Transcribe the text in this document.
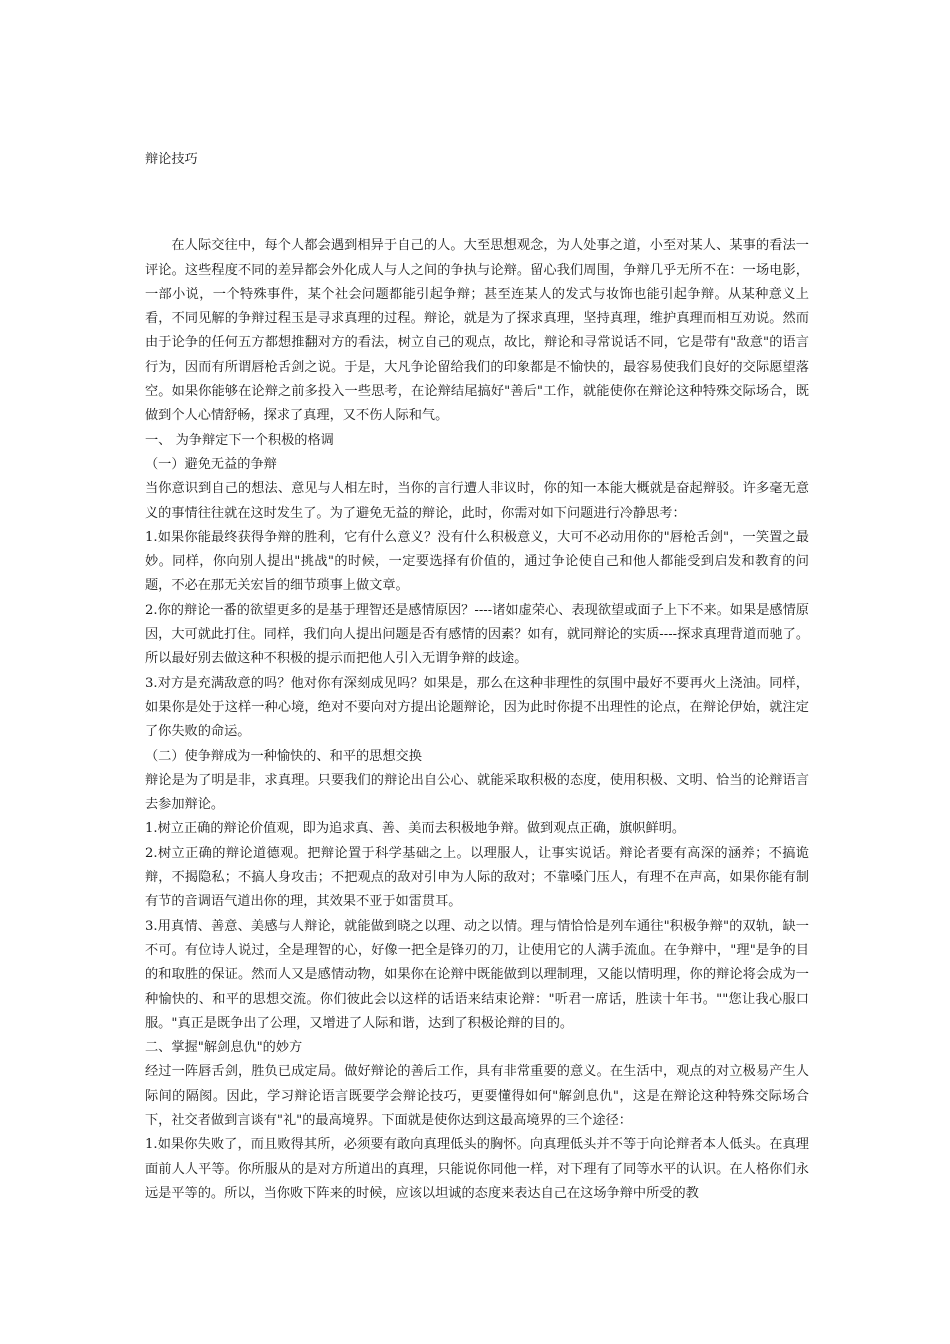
辩论技巧

在人际交往中，每个人都会遇到相异于自己的人。大至思想观念，为人处事之道，小至对某人、某事的看法一评论。这些程度不同的差异都会外化成人与人之间的争执与论辩。留心我们周围，争辩几乎无所不在：一场电影，一部小说，一个特殊事件，某个社会问题都能引起争辩；甚至连某人的发式与妆饰也能引起争辩。从某种意义上看，不同见解的争辩过程玉是寻求真理的过程。辩论，就是为了探求真理，坚持真理，维护真理而相互劝说。然而由于论争的任何五方都想推翻对方的看法，树立自己的观点，故比，辩论和寻常说话不同，它是带有"敌意"的语言行为，因而有所谓唇枪舌剑之说。于是，大凡争论留给我们的印象都是不愉快的，最容易使我们良好的交际愿望落空。如果你能够在论辩之前多投入一些思考，在论辩结尾搞好"善后"工作，就能使你在辩论这种特殊交际场合，既做到个人心情舒畅，探求了真理，又不伤人际和气。

一、 为争辩定下一个积极的格调

（一）避免无益的争辩

当你意识到自己的想法、意见与人相左时，当你的言行遭人非议时，你的知一本能大概就是奋起辩驳。许多毫无意义的事情往往就在这时发生了。为了避免无益的辩论，此时，你需对如下问题进行冷静思考：

1.如果你能最终获得争辩的胜利，它有什么意义？没有什么积极意义，大可不必动用你的"唇枪舌剑"，一笑置之最妙。同样，你向别人提出"挑战"的时候，一定要选择有价值的，通过争论使自己和他人都能受到启发和教育的问题，不必在那无关宏旨的细节琐事上做文章。

2.你的辩论一番的欲望更多的是基于理智还是感情原因？----诸如虚荣心、表现欲望或面子上下不来。如果是感情原因，大可就此打住。同样，我们向人提出问题是否有感情的因素？如有，就同辩论的实质----探求真理背道而驰了。所以最好别去做这种不积极的提示而把他人引入无谓争辩的歧途。

3.对方是充满敌意的吗？他对你有深刻成见吗？如果是，那么在这种非理性的氛围中最好不要再火上浇油。同样，如果你是处于这样一种心境，绝对不要向对方提出论题辩论，因为此时你提不出理性的论点，在辩论伊始，就注定了你失败的命运。

（二）使争辩成为一种愉快的、和平的思想交换

辩论是为了明是非，求真理。只要我们的辩论出自公心、就能采取积极的态度，使用积极、文明、恰当的论辩语言去参加辩论。

1.树立正确的辩论价值观，即为追求真、善、美而去积极地争辩。做到观点正确，旗帜鲜明。

2.树立正确的辩论道德观。把辩论置于科学基础之上。以理服人，让事实说话。辩论者要有高深的涵养；不搞诡辩，不揭隐私；不搞人身攻击；不把观点的敌对引申为人际的敌对；不靠嗓门压人，有理不在声高，如果你能有制有节的音调语气道出你的理，其效果不亚于如雷贯耳。

3.用真情、善意、美感与人辩论，就能做到晓之以理、动之以情。理与情恰恰是列车通往"积极争辩"的双轨，缺一不可。有位诗人说过，全是理智的心，好像一把全是锋刃的刀，让使用它的人满手流血。在争辩中，"理"是争的目的和取胜的保证。然而人又是感情动物，如果你在论辩中既能做到以理制理，又能以情明理，你的辩论将会成为一种愉快的、和平的思想交流。你们彼此会以这样的话语来结束论辩："听君一席话，胜读十年书。""您让我心服口服。"真正是既争出了公理，又增进了人际和谐，达到了积极论辩的目的。

二、掌握"解剑息仇"的妙方

经过一阵唇舌剑，胜负已成定局。做好辩论的善后工作，具有非常重要的意义。在生活中，观点的对立极易产生人际间的隔阂。因此，学习辩论语言既要学会辩论技巧，更要懂得如何"解剑息仇"，这是在辩论这种特殊交际场合下，社交者做到言谈有"礼"的最高境界。下面就是使你达到这最高境界的三个途径：

1.如果你失败了，而且败得其所，必须要有敢向真理低头的胸怀。向真理低头并不等于向论辩者本人低头。在真理面前人人平等。你所服从的是对方所道出的真理，只能说你同他一样，对下理有了同等水平的认识。在人格你们永远是平等的。所以，当你败下阵来的时候，应该以坦诚的态度来表达自己在这场争辩中所受的教
